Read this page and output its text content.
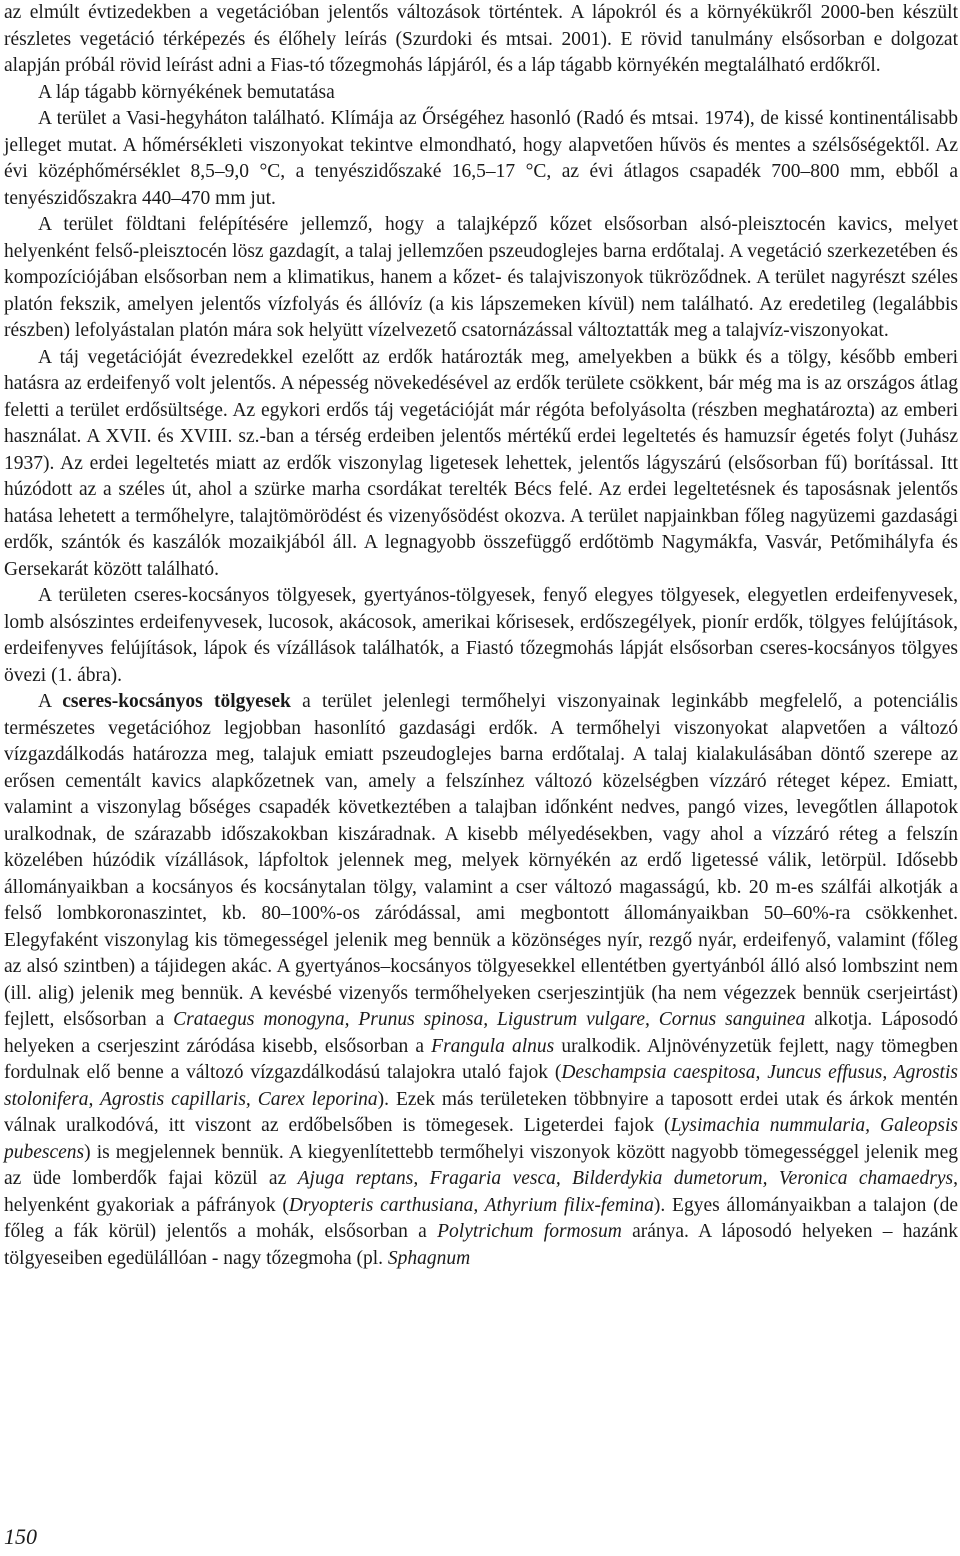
az elmúlt évtizedekben a vegetációban jelentős változások történtek. A lápokról és a környékükről 2000-ben készült részletes vegetáció térképezés és élőhely leírás (Szurdoki és mtsai. 2001). E rövid tanulmány elsősorban e dolgozat alapján próbál rövid leírást adni a Fias-tó tőzegmohás lápjáról, és a láp tágabb környékén megtalálható erdőkről.

A láp tágabb környékének bemutatása

A terület a Vasi-hegyháton található. Klímája az Őrségéhez hasonló (Radó és mtsai. 1974), de kissé kontinentálisabb jelleget mutat. A hőmérsékleti viszonyokat tekintve elmondható, hogy alapvetően hűvös és mentes a szélsőségektől. Az évi középhőmérséklet 8,5–9,0 °C, a tenyészidőszaké 16,5–17 °C, az évi átlagos csapadék 700–800 mm, ebből a tenyészidőszakra 440–470 mm jut.

A terület földtani felépítésére jellemző, hogy a talajképző kőzet elsősorban alsó-pleisztocén kavics, melyet helyenként felső-pleisztocén lösz gazdagít, a talaj jellemzően pszeudoglejes barna erdőtalaj. A vegetáció szerkezetében és kompozíciójában elsősorban nem a klimatikus, hanem a kőzet- és talajviszonyok tükröződnek. A terület nagyrészt széles platón fekszik, amelyen jelentős vízfolyás és állóvíz (a kis lápszemeken kívül) nem található. Az eredetileg (legalábbis részben) lefolyástalan platón mára sok helyütt vízelvezető csatornázással változtatták meg a talajvíz-viszonyokat.

A táj vegetációját évezredekkel ezelőtt az erdők határozták meg, amelyekben a bükk és a tölgy, később emberi hatásra az erdeifenyő volt jelentős. A népesség növekedésével az erdők területe csökkent, bár még ma is az országos átlag feletti a terület erdősültsége. Az egykori erdős táj vegetációját már régóta befolyásolta (részben meghatározta) az emberi használat. A XVII. és XVIII. sz.-ban a térség erdeiben jelentős mértékű erdei legeltetés és hamuzsír égetés folyt (Juhász 1937). Az erdei legeltetés miatt az erdők viszonylag ligetesek lehettek, jelentős lágyszárú (elsősorban fű) borítással. Itt húzódott az a széles út, ahol a szürke marha csordákat terelték Bécs felé. Az erdei legeltetésnek és taposásnak jelentős hatása lehetett a termőhelyre, talajtömörödést és vizenyősödést okozva. A terület napjainkban főleg nagyüzemi gazdasági erdők, szántók és kaszálók mozaikjából áll. A legnagyobb összefüggő erdőtömb Nagymákfa, Vasvár, Petőmihályfa és Gersekarát között található.

A területen cseres-kocsányos tölgyesek, gyertyános-tölgyesek, fenyő elegyes tölgyesek, elegyetlen erdeifenyvesek, lomb alsószintes erdeifenyvesek, lucosok, akácosok, amerikai kőrisesek, erdőszegélyek, pionír erdők, tölgyes felújítások, erdeifenyves felújítások, lápok és vízállások találhatók, a Fiastó tőzegmohás lápját elsősorban cseres-kocsányos tölgyes övezi (1. ábra).

A cseres-kocsányos tölgyesek a terület jelenlegi termőhelyi viszonyainak leginkább megfelelő, a potenciális természetes vegetációhoz legjobban hasonlító gazdasági erdők. A termőhelyi viszonyokat alapvetően a változó vízgazdálkodás határozza meg, talajuk emiatt pszeudoglejes barna erdőtalaj. A talaj kialakulásában döntő szerepe az erősen cementált kavics alapkőzetnek van, amely a felszínhez változó közelségben vízzáró réteget képez. Emiatt, valamint a viszonylag bőséges csapadék következtében a talajban időnként nedves, pangó vizes, levegőtlen állapotok uralkodnak, de szárazabb időszakokban kiszáradnak. A kisebb mélyedésekben, vagy ahol a vízzáró réteg a felszín közelében húzódik vízállások, lápfoltok jelennek meg, melyek környékén az erdő ligetessé válik, letörpül. Idősebb állományaikban a kocsányos és kocsánytalan tölgy, valamint a cser változó magasságú, kb. 20 m-es szálfái alkotják a felső lombkoronaszintet, kb. 80–100%-os záródással, ami megbontott állományaikban 50–60%-ra csökkenhet. Elegyfaként viszonylag kis tömegességel jelenik meg bennük a közönséges nyír, rezgő nyár, erdeifenyő, valamint (főleg az alsó szintben) a tájidegen akác. A gyertyános–kocsányos tölgyesekkel ellentétben gyertyánból álló alsó lombszint nem (ill. alig) jelenik meg bennük. A kevésbé vizenyős termőhelyeken cserjeszintjük (ha nem végezzek bennük cserjeirtást) fejlett, elsősorban a Crataegus monogyna, Prunus spinosa, Ligustrum vulgare, Cornus sanguinea alkotja. Láposodó helyeken a cserjeszint záródása kisebb, elsősorban a Frangula alnus uralkodik. Aljnövényzetük fejlett, nagy tömegben fordulnak elő benne a változó vízgazdálkodású talajokra utaló fajok (Deschampsia caespitosa, Juncus effusus, Agrostis stolonifera, Agrostis capillaris, Carex leporina). Ezek más területeken többnyire a taposott erdei utak és árkok mentén válnak uralkodóvá, itt viszont az erdőbelsőben is tömegesek. Ligeterdei fajok (Lysimachia nummularia, Galeopsis pubescens) is megjelennek bennük. A kiegyenlítettebb termőhelyi viszonyok között nagyobb tömegességgel jelenik meg az üde lomberdők fajai közül az Ajuga reptans, Fragaria vesca, Bilderdykia dumetorum, Veronica chamaedrys, helyenként gyakoriak a páfrányok (Dryopteris carthusiana, Athyrium filix-femina). Egyes állományaikban a talajon (de főleg a fák körül) jelentős a mohák, elsősorban a Polytrichum formosum aránya. A láposodó helyeken – hazánk tölgyeseiben egedülállóan - nagy tőzegmoha (pl. Sphagnum

150
